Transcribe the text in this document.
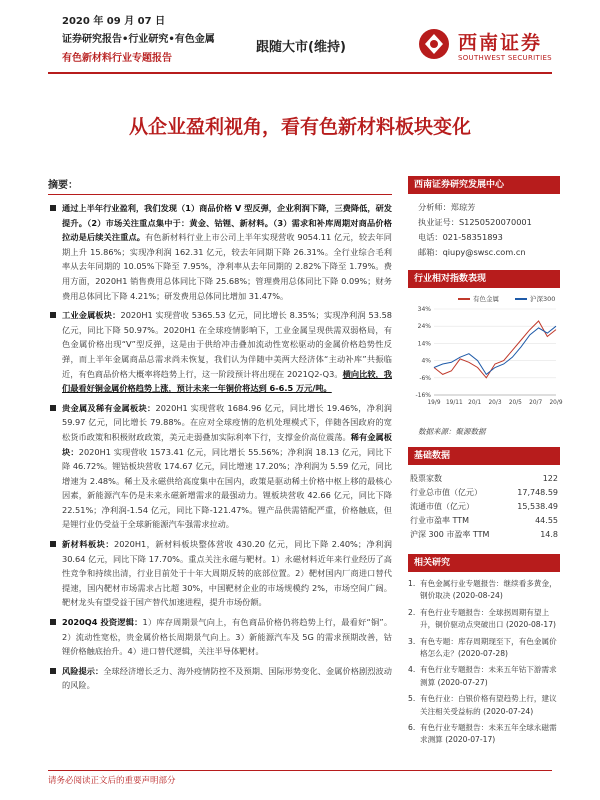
2020 年 09 月 07 日
证券研究报告•行业研究•有色金属
有色新材料行业专题报告
跟随大市(维持)	西南证券
SOUTHWEST SECURITIES
从企业盈利视角，看有色新材料板块变化
摘要：
通过上半年行业盈利，我们发现（1）商品价格 V 型反弹，企业利润下降，三费降低，研发提升。（2）市场关注重点集中于：黄金、钴锂、新材料。（3）需求和补库周期对商品价格拉动是后续关注重点。有色新材料行业上市公司上半年实现营收 9054.11 亿元，较去年同期上升 15.86%；实现净利润 162.31 亿元，较去年同期下降 26.31%。全行业综合毛利率从去年同期的 10.05%下降至 7.95%，净利率从去年同期的 2.82%下降至 1.79%。费用方面，2020H1 销售费用总体同比下降 25.68%；管理费用总体同比下降 0.09%；财务费用总体同比下降 4.21%；研发费用总体同比增加 31.47%。
工业金属板块：2020H1 实现营收 5365.53 亿元，同比增长 8.35%；实现净利润 53.58 亿元，同比下降 50.97%。2020H1 在全球疫情影响下，工业金属呈现供需双弱格局，有色金属价格出现“V”型反弹，这是由于供给冲击叠加流动性宽松驱动的金属价格趋势性反弹，而上半年金属商品总需求尚未恢复，我们认为伴随中美两大经济体“主动补库”共振临近，有色商品价格大概率将趋势上行，这一阶段预计将出现在 2021Q2-Q3。横向比较，我们最看好铜金属价格趋势上涨，预计未来一年铜价将达到 6-6.5 万元/吨。
贵金属及稀有金属板块：2020H1 实现营收 1684.96 亿元，同比增长 19.46%，净利润 59.97 亿元，同比增长 79.88%。在应对全球疫情的危机处理模式下，伴随各国政府的宽松货币政策和积极财政政策，美元走弱叠加实际利率下行，支撑金价高位震荡。稀有金属板块：2020H1 实现营收 1573.41 亿元，同比增长 55.56%；净利润 18.13 亿元，同比下降 46.72%。锂钴板块营收 174.67 亿元，同比增速 17.20%；净利润为 5.59 亿元，同比增速为 2.48%。稀土及永磁供给高度集中在国内，政策是驱动稀土价格中枢上移的最核心因素，新能源汽车仍是未来永磁新增需求的最强动力。锂板块营收 42.66 亿元，同比下降 22.51%；净利润-1.54 亿元，同比下降-121.47%。锂产品供需错配严重，价格触底，但是锂行业仍受益于全球新能源汽车强需求拉动。
新材料板块：2020H1，新材料板块整体营收 430.20 亿元，同比下降 2.40%；净利润 30.64 亿元，同比下降 17.70%。重点关注永磁与靶材。1）永磁材料近年来行业经历了高性竞争和持续出清，行业目前处于十年大周期反转的底部位置。2）靶材国内厂商进口替代提速，国内靶材市场需求占比超 30%，中国靶材企业的市场规模约 2%，市场空间广阔。靶材龙头有望受益于国产替代加速进程，提升市场份额。
2020Q4 投资逻辑：1）库存周期景气向上，有色商品价格仍将趋势上行，最看好“铜”。2）流动性宽松，贵金属价格长周期景气向上。3）新能源汽车及 5G 的需求预期改善，钴锂价格触底抬升。4）进口替代逻辑，关注半导体靶材。
风险提示：全球经济增长乏力、海外疫情防控不及预期、国际形势变化、金属价格剧烈波动的风险。
西南证券研究发展中心

分析师：郑琼芳

执业证号：S1250520070001

电话：021-58351893

邮箱：qiupy@swsc.com.cn

行业相对指数表现
有色金属	沪深300
-16%
-6%
4%
14%
24%
34%
19/9 19/11 20/1 20/3 20/5 20/7 20/9
数据来源：聚源数据
基础数据
股票家数	122
行业总市值（亿元）	17,748.59
流通市值（亿元）	15,538.49
行业市盈率 TTM	44.55
沪深 300 市盈率 TTM	14.8
相关研究
1. 有色金属行业专题报告：继续看多黄金，钢价取决 (2020-08-24)
2. 有色行业专题报告：全球拐周期有望上升，铜价驱动点突破出口 (2020-08-17)
3. 有色专题：库存周期现至下，有色金属价格怎么走？(2020-07-28)
4. 有色行业专题报告：未来五年钴下游需求测算 (2020-07-27)
5. 有色行业：白银价格有望趋势上行，建议关注相关受益标的 (2020-07-24)
6. 有色行业专题报告：未来五年全球永磁需求测算 (2020-07-17)
请务必阅读正文后的重要声明部分
